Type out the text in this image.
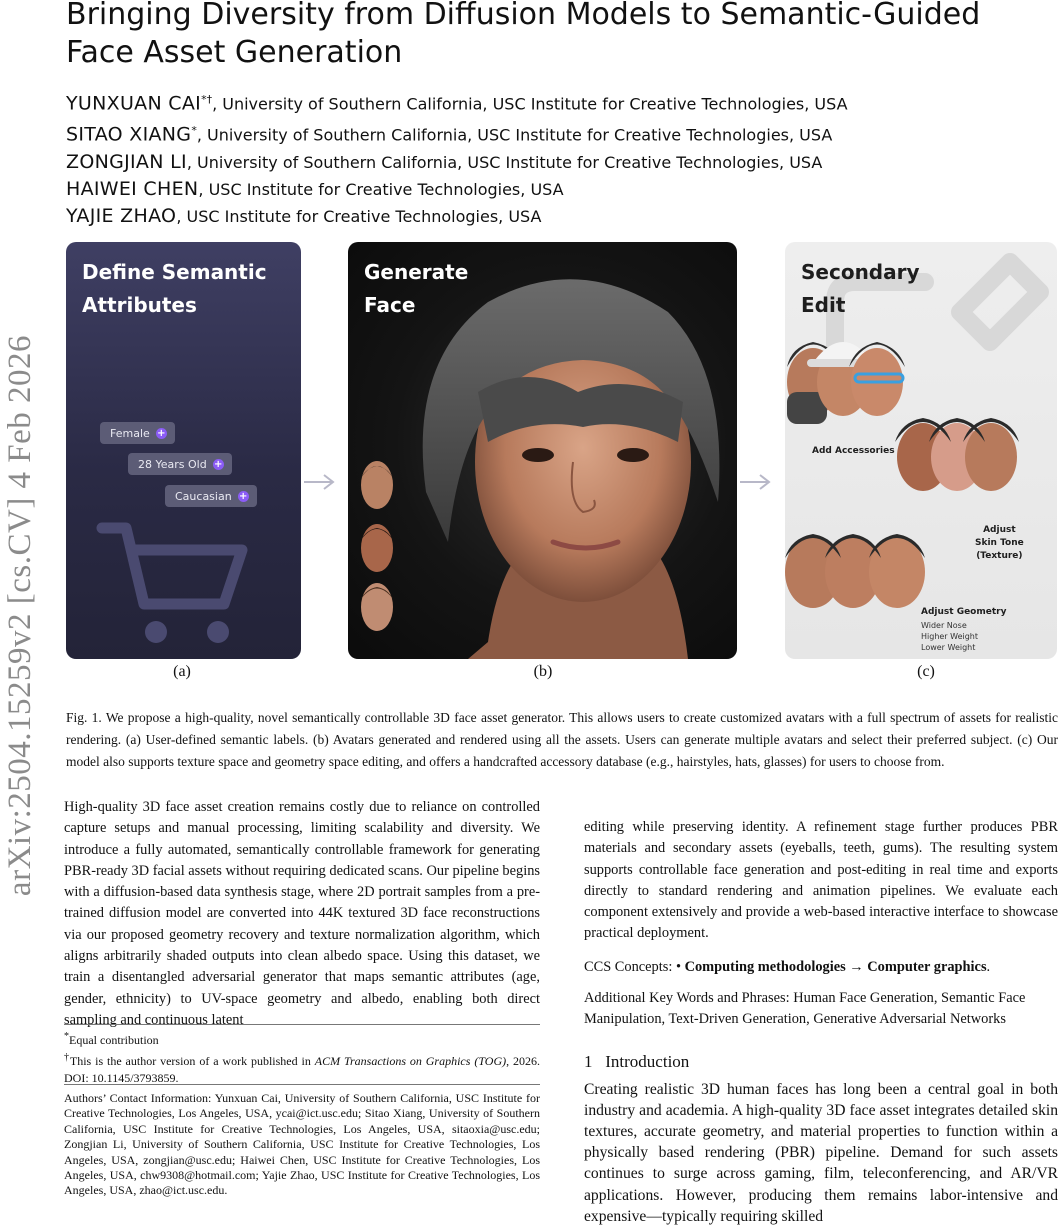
arXiv:2504.15259v2 [cs.CV] 4 Feb 2026
Bringing Diversity from Diffusion Models to Semantic-Guided Face Asset Generation
YUNXUAN CAI*†, University of Southern California, USC Institute for Creative Technologies, USA
SITAO XIANG*, University of Southern California, USC Institute for Creative Technologies, USA
ZONGJIAN LI, University of Southern California, USC Institute for Creative Technologies, USA
HAIWEI CHEN, USC Institute for Creative Technologies, USA
YAJIE ZHAO, USC Institute for Creative Technologies, USA
Define Semantic
Attributes
Female +
28 Years Old +
Caucasian +
Generate
Face
Secondary
Edit
Add Accessories
Adjust
Skin Tone
(Texture)
Adjust Geometry
Wider Nose
Higher Weight
Lower Weight
(a)	(b)	(c)

Fig. 1. We propose a high-quality, novel semantically controllable 3D face asset generator. This allows users to create customized avatars with a full spectrum of assets for realistic rendering. (a) User-defined semantic labels. (b) Avatars generated and rendered using all the assets. Users can generate multiple avatars and select their preferred subject. (c) Our model also supports texture space and geometry space editing, and offers a handcrafted accessory database (e.g., hairstyles, hats, glasses) for users to choose from.

High-quality 3D face asset creation remains costly due to reliance on controlled capture setups and manual processing, limiting scalability and diversity. We introduce a fully automated, semantically controllable framework for generating PBR-ready 3D facial assets without requiring dedicated scans. Our pipeline begins with a diffusion-based data synthesis stage, where 2D portrait samples from a pre-trained diffusion model are converted into 44K textured 3D face reconstructions via our proposed geometry recovery and texture normalization algorithm, which aligns arbitrarily shaded outputs into clean albedo space. Using this dataset, we train a disentangled adversarial generator that maps semantic attributes (age, gender, ethnicity) to UV-space geometry and albedo, enabling both direct sampling and continuous latent

*Equal contribution

†This is the author version of a work published in ACM Transactions on Graphics (TOG), 2026. DOI: 10.1145/3793859.

Authors’ Contact Information: Yunxuan Cai, University of Southern California, USC Institute for Creative Technologies, Los Angeles, USA, ycai@ict.usc.edu; Sitao Xiang, University of Southern California, USC Institute for Creative Technologies, Los Angeles, USA, sitaoxia@usc.edu; Zongjian Li, University of Southern California, USC Institute for Creative Technologies, Los Angeles, USA, zongjian@usc.edu; Haiwei Chen, USC Institute for Creative Technologies, Los Angeles, USA, chw9308@hotmail.com; Yajie Zhao, USC Institute for Creative Technologies, Los Angeles, USA, zhao@ict.usc.edu.

editing while preserving identity. A refinement stage further produces PBR materials and secondary assets (eyeballs, teeth, gums). The resulting system supports controllable face generation and post-editing in real time and exports directly to standard rendering and animation pipelines. We evaluate each component extensively and provide a web-based interactive interface to showcase practical deployment.

CCS Concepts: • Computing methodologies → Computer graphics.

Additional Key Words and Phrases: Human Face Generation, Semantic Face Manipulation, Text-Driven Generation, Generative Adversarial Networks

1 Introduction

Creating realistic 3D human faces has long been a central goal in both industry and academia. A high-quality 3D face asset integrates detailed skin textures, accurate geometry, and material properties to function within a physically based rendering (PBR) pipeline. Demand for such assets continues to surge across gaming, film, teleconferencing, and AR/VR applications. However, producing them remains labor-intensive and expensive—typically requiring skilled
